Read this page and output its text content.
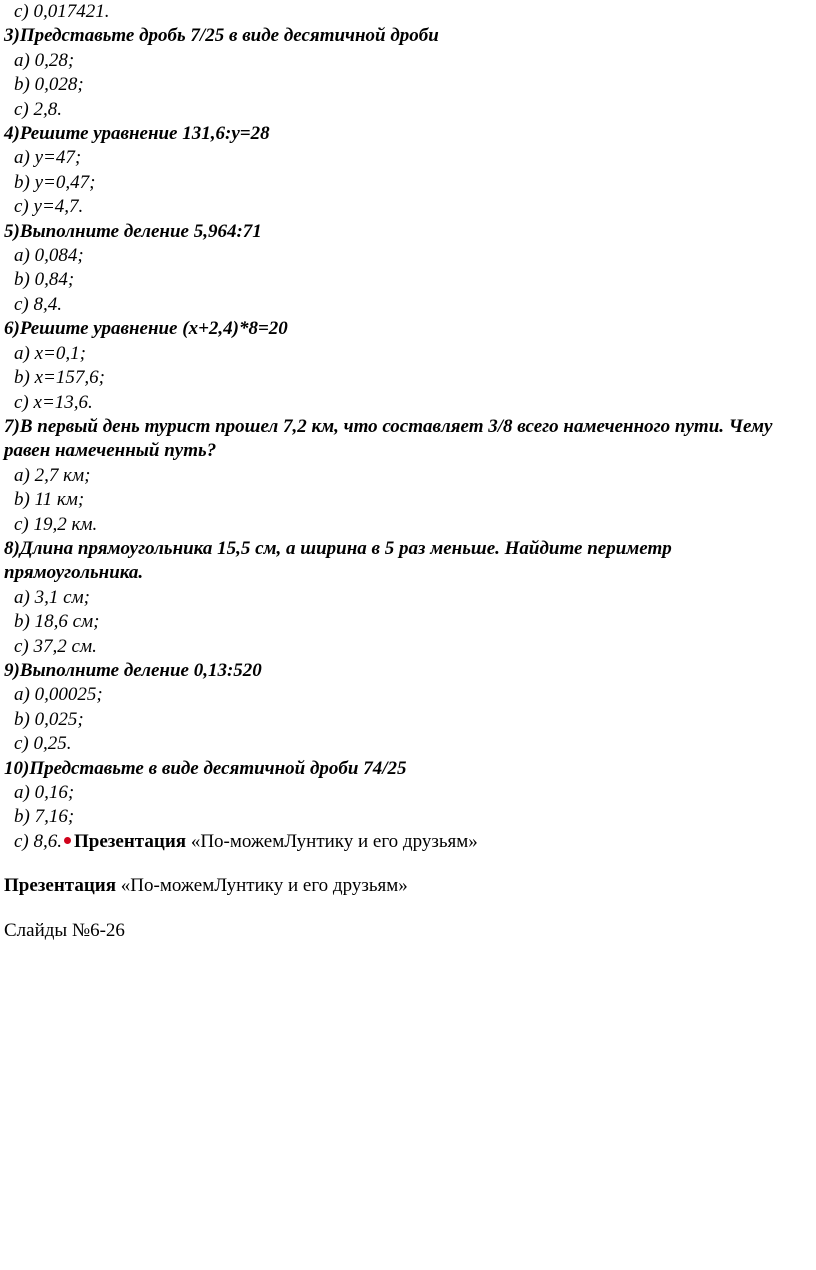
c) 0,017421.
3)Представьте дробь 7/25 в виде десятичной дроби
a) 0,28;
b) 0,028;
c) 2,8.
4)Решите уравнение 131,6:у=28
a) у=47;
b) у=0,47;
c) у=4,7.
5)Выполните деление 5,964:71
a) 0,084;
b) 0,84;
c) 8,4.
6)Решите уравнение (х+2,4)*8=20
a) х=0,1;
b) х=157,6;
c) х=13,6.
7)В первый день турист прошел 7,2 км, что составляет 3/8 всего намеченного пути. Чему равен намеченный путь?
a) 2,7 км;
b) 11 км;
c) 19,2 км.
8)Длина прямоугольника 15,5 см, а ширина в 5 раз меньше. Найдите периметр прямоугольника.
a) 3,1 см;
b) 18,6 см;
c) 37,2 см.
9)Выполните деление 0,13:520
a) 0,00025;
b) 0,025;
c) 0,25.
10)Представьте в виде десятичной дроби 74/25
a) 0,16;
b) 7,16;
c) 8,6. Презентация «По-можемЛунтику и его друзьям»
Презентация «По-можемЛунтику и его друзьям»
Слайды №6-26
